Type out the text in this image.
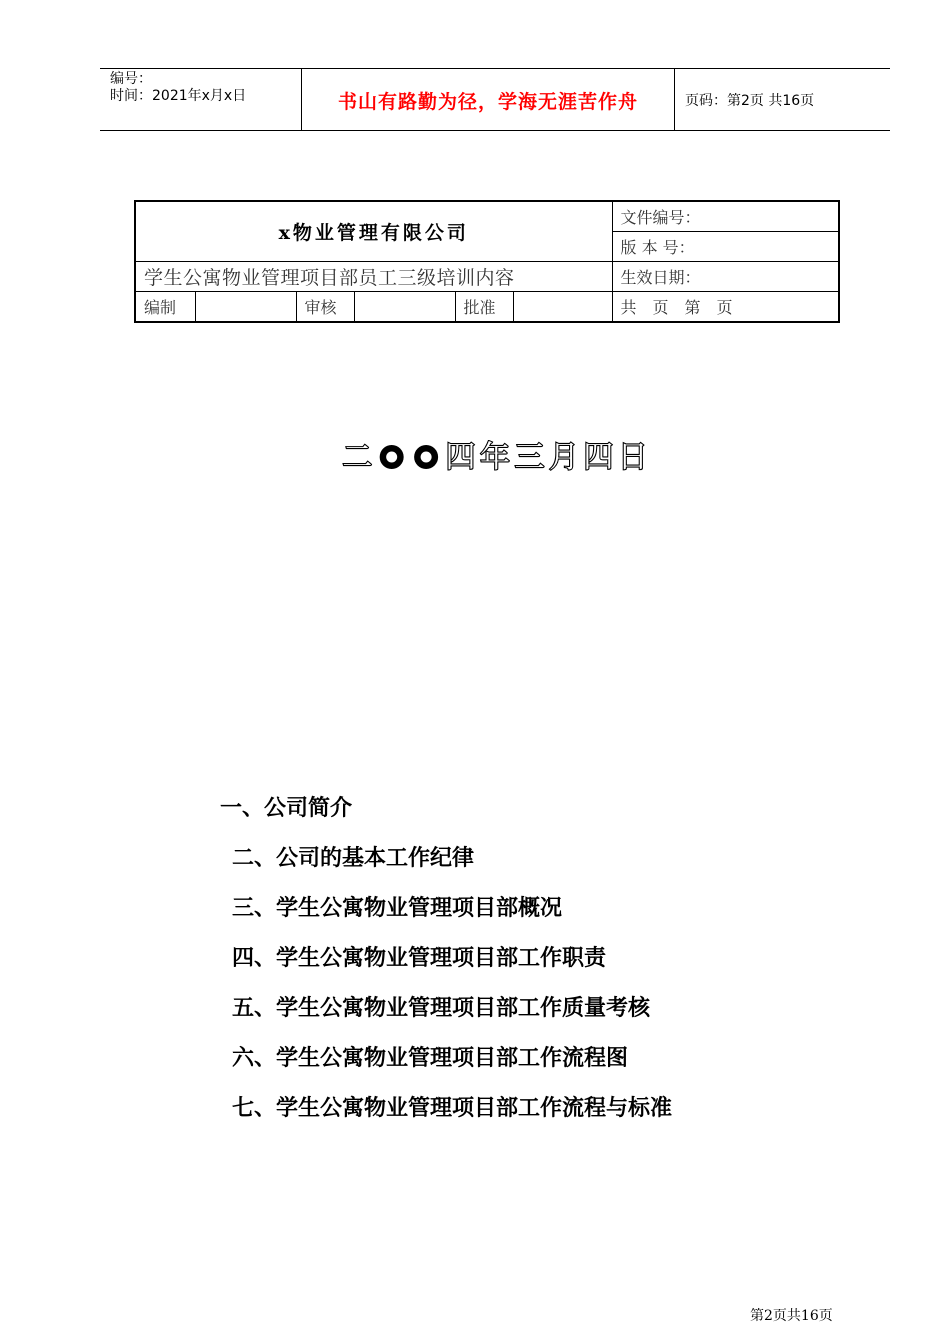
编号：
时间：2021年x月x日	书山有路勤为径，学海无涯苦作舟	页码：第2页 共16页
x物业管理有限公司						文件编号：
						版 本 号：
学生公寓物业管理项目部员工三级培训内容						生效日期：
编制		审核		批准		共　页　第　页
二 四 年 三 月 四 日
一、公司简介
二、公司的基本工作纪律
三、学生公寓物业管理项目部概况
四、学生公寓物业管理项目部工作职责
五、学生公寓物业管理项目部工作质量考核
六、学生公寓物业管理项目部工作流程图
七、学生公寓物业管理项目部工作流程与标准
第2页共16页
